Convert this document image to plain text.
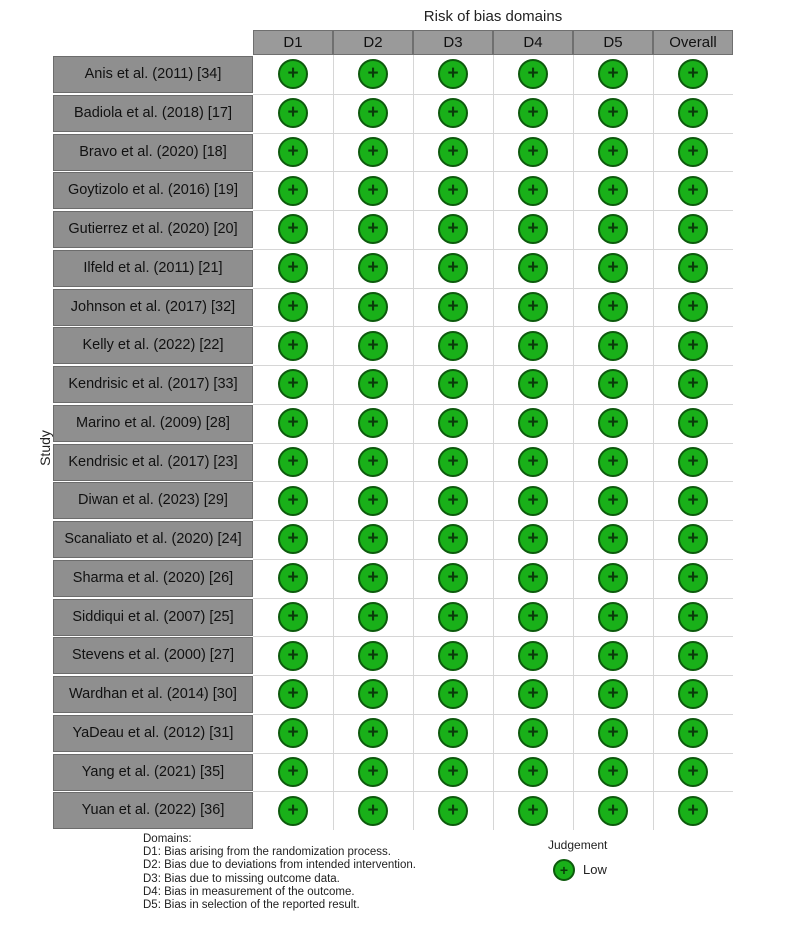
Risk of bias domains
Study
Domains:
D1: Bias arising from the randomization process.
D2: Bias due to deviations from intended intervention.
D3: Bias due to missing outcome data.
D4: Bias in measurement of the outcome.
D5: Bias in selection of the reported result.
Judgement
+	Low
D1	D2	D3	D4	D5	Overall
Anis et al. (2011) [34]	+	+	+	+	+	+
Badiola et al. (2018) [17]	+	+	+	+	+	+
Bravo et al. (2020) [18]	+	+	+	+	+	+
Goytizolo et al. (2016) [19]	+	+	+	+	+	+
Gutierrez et al. (2020) [20]	+	+	+	+	+	+
Ilfeld et al. (2011) [21]	+	+	+	+	+	+
Johnson et al. (2017) [32]	+	+	+	+	+	+
Kelly et al. (2022) [22]	+	+	+	+	+	+
Kendrisic et al. (2017) [33]	+	+	+	+	+	+
Marino et al. (2009) [28]	+	+	+	+	+	+
Kendrisic et al. (2017) [23]	+	+	+	+	+	+
Diwan et al. (2023) [29]	+	+	+	+	+	+
Scanaliato et al. (2020) [24]	+	+	+	+	+	+
Sharma et al. (2020) [26]	+	+	+	+	+	+
Siddiqui et al. (2007) [25]	+	+	+	+	+	+
Stevens et al. (2000) [27]	+	+	+	+	+	+
Wardhan et al. (2014) [30]	+	+	+	+	+	+
YaDeau et al. (2012) [31]	+	+	+	+	+	+
Yang et al. (2021) [35]	+	+	+	+	+	+
Yuan et al. (2022) [36]	+	+	+	+	+	+
